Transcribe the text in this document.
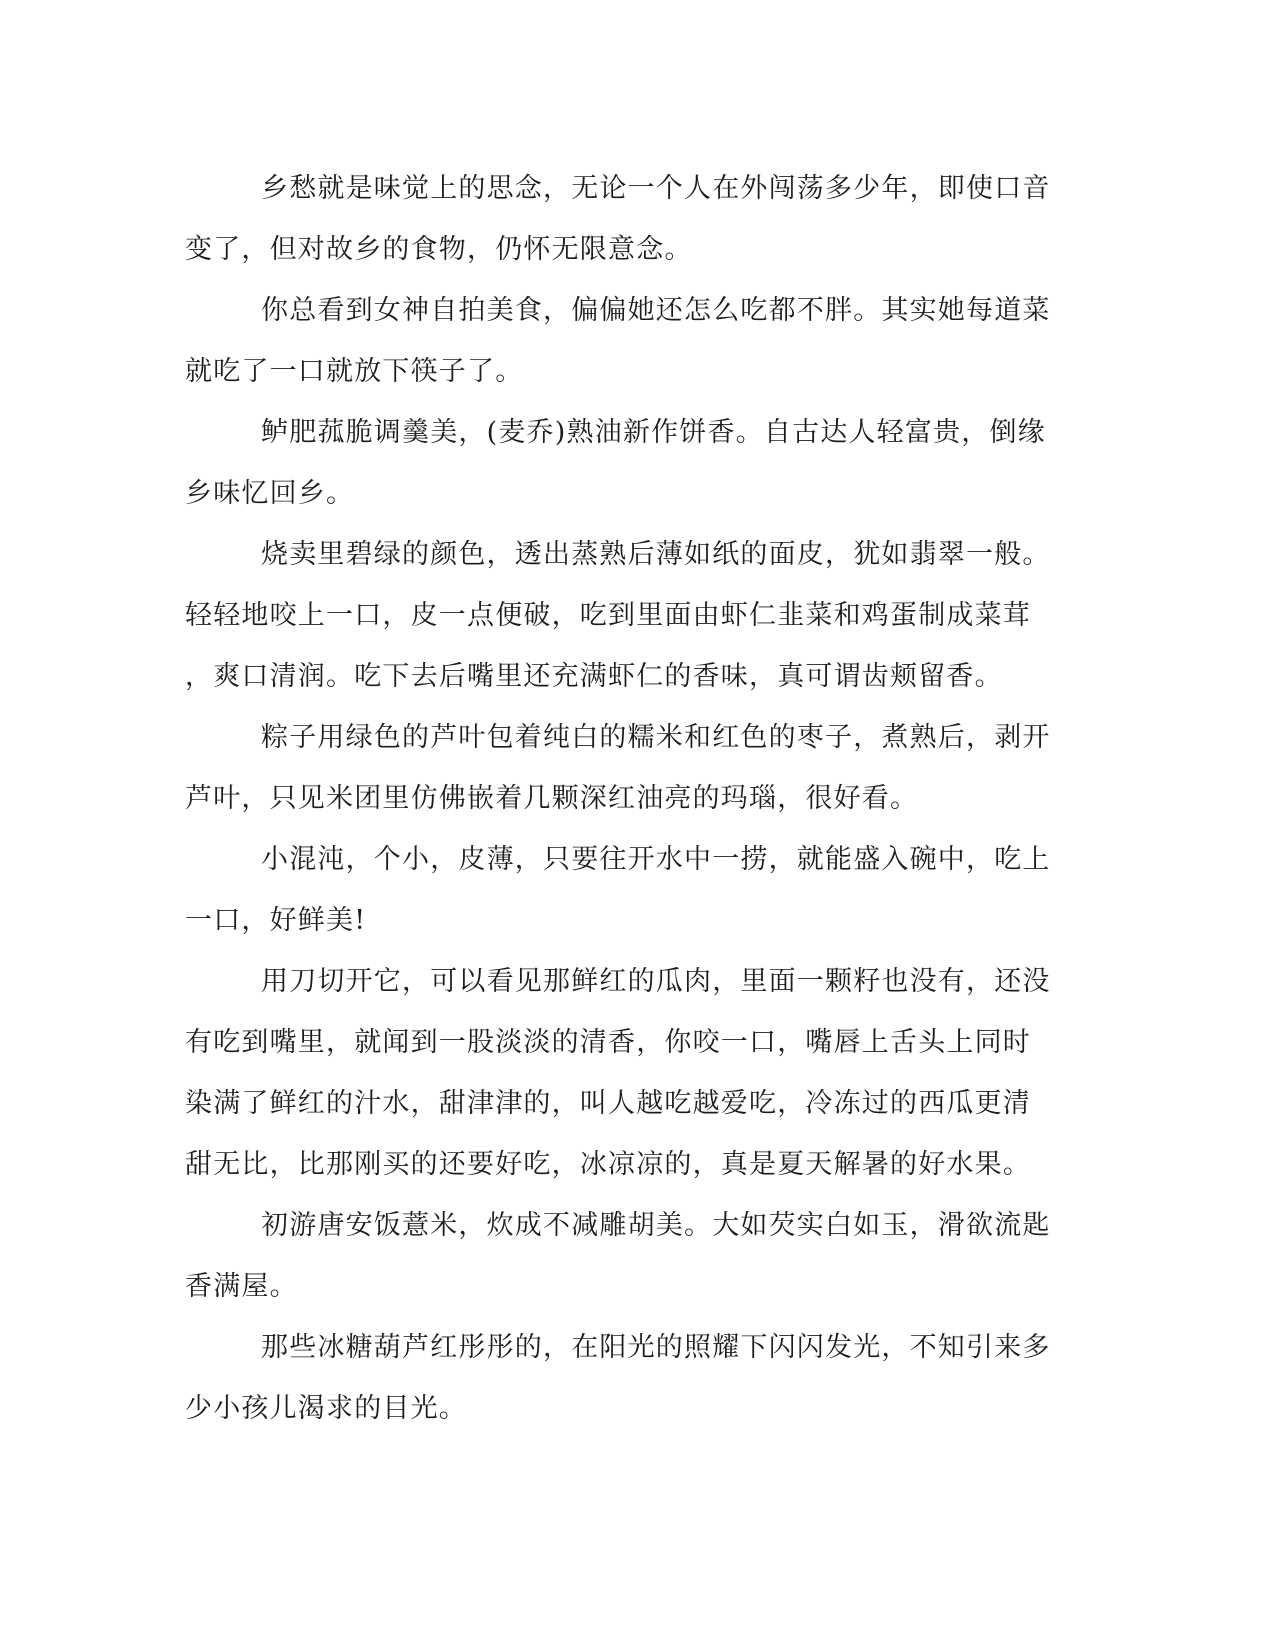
乡愁就是味觉上的思念，无论一个人在外闯荡多少年，即使口音
变了，但对故乡的食物，仍怀无限意念。
你总看到女神自拍美食，偏偏她还怎么吃都不胖。其实她每道菜
就吃了一口就放下筷子了。
鲈肥菰脆调羹美，(麦乔)熟油新作饼香。自古达人轻富贵，倒缘
乡味忆回乡。
烧卖里碧绿的颜色，透出蒸熟后薄如纸的面皮，犹如翡翠一般。
轻轻地咬上一口，皮一点便破，吃到里面由虾仁韭菜和鸡蛋制成菜茸
，爽口清润。吃下去后嘴里还充满虾仁的香味，真可谓齿颊留香。
粽子用绿色的芦叶包着纯白的糯米和红色的枣子，煮熟后，剥开
芦叶，只见米团里仿佛嵌着几颗深红油亮的玛瑙，很好看。
小混沌，个小，皮薄，只要往开水中一捞，就能盛入碗中，吃上
一口，好鲜美!
用刀切开它，可以看见那鲜红的瓜肉，里面一颗籽也没有，还没
有吃到嘴里，就闻到一股淡淡的清香，你咬一口，嘴唇上舌头上同时
染满了鲜红的汁水，甜津津的，叫人越吃越爱吃，冷冻过的西瓜更清
甜无比，比那刚买的还要好吃，冰凉凉的，真是夏天解暑的好水果。
初游唐安饭薏米，炊成不减雕胡美。大如芡实白如玉，滑欲流匙
香满屋。
那些冰糖葫芦红彤彤的，在阳光的照耀下闪闪发光，不知引来多
少小孩儿渴求的目光。
